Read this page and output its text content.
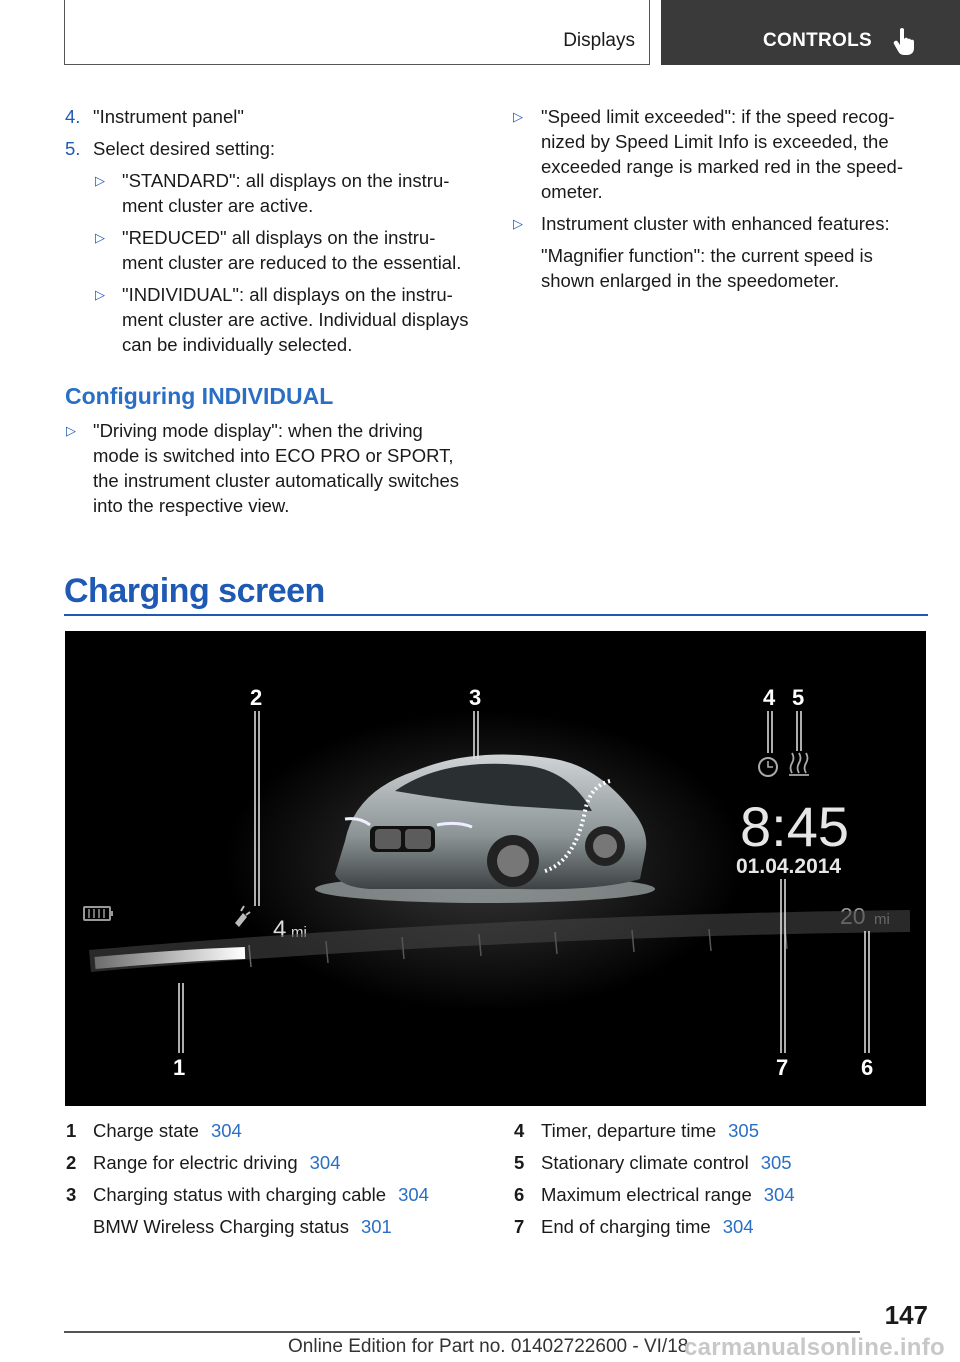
Displays	CONTROLS
4. "Instrument panel"
5. Select desired setting:
▷ "STANDARD": all displays on the instru-
ment cluster are active.
▷ "REDUCED" all displays on the instru-
ment cluster are reduced to the essential.
▷ "INDIVIDUAL": all displays on the instru-
ment cluster are active. Individual displays
can be individually selected.
Configuring INDIVIDUAL
▷ "Driving mode display": when the driving
mode is switched into ECO PRO or SPORT,
the instrument cluster automatically switches
into the respective view.
▷ "Speed limit exceeded": if the speed recog-
nized by Speed Limit Info is exceeded, the
exceeded range is marked red in the speed-
ometer.
▷ Instrument cluster with enhanced features:
"Magnifier function": the current speed is
shown enlarged in the speedometer.
Charging screen
4 mi
8:45
01.04.2014
20 mi
1
2	3	4 5
6
7
1 Charge state 304
2 Range for electric driving 304
3 Charging status with charging cable 304
BMW Wireless Charging status 301
4 Timer, departure time 305
5 Stationary climate control 305
6 Maximum electrical range 304
7 End of charging time 304
147
Online Edition for Part no. 01402722600 - VI/18
carmanualsonline.info
